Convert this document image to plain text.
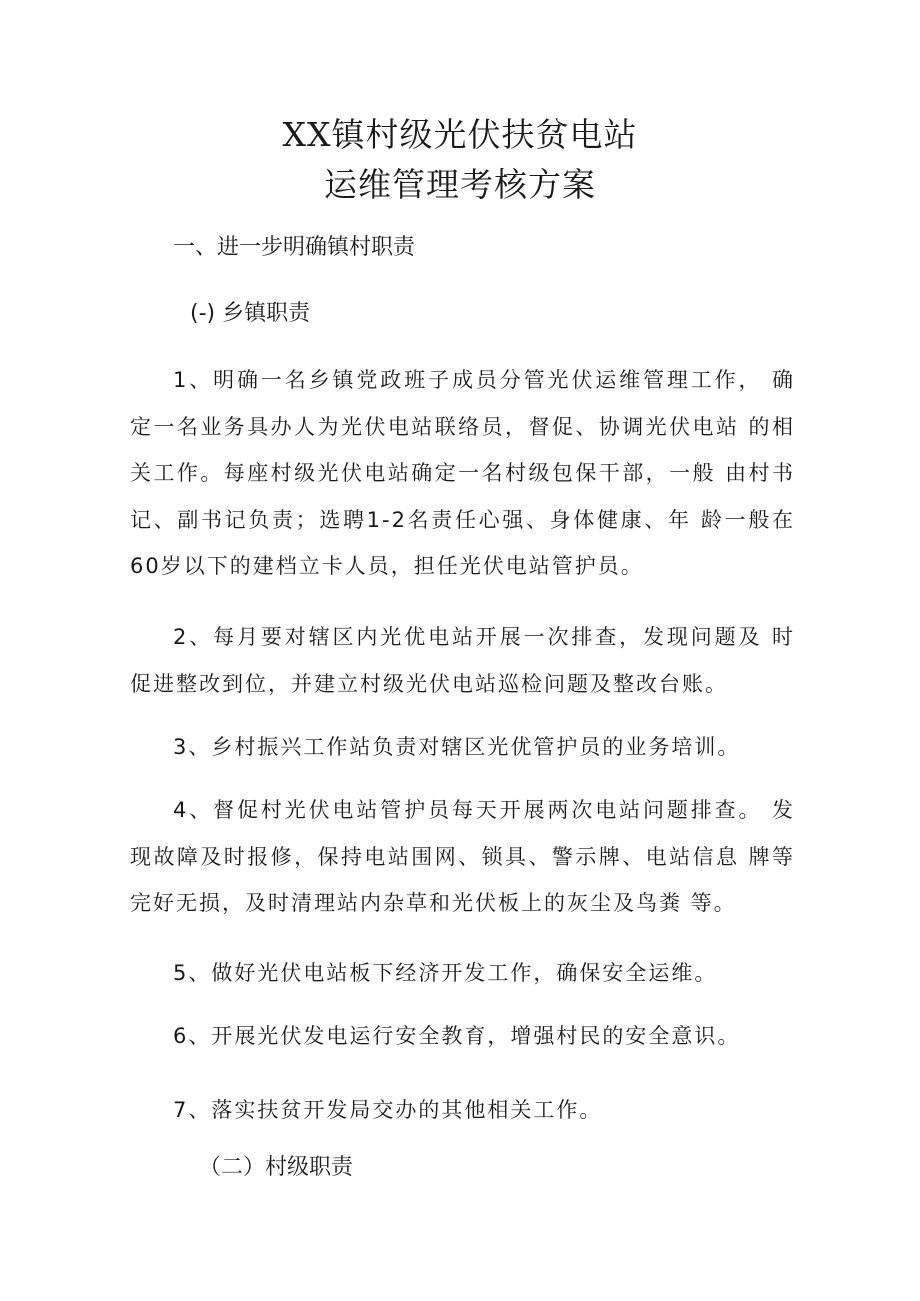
XX镇村级光伏扶贫电站
运维管理考核方案
一、进一步明确镇村职责
(-) 乡镇职责
1、明确一名乡镇党政班子成员分管光伏运维管理工作， 确定一名业务具办人为光伏电站联络员，督促、协调光伏电站 的相关工作。每座村级光伏电站确定一名村级包保干部，一般 由村书记、副书记负责；选聘1-2名责任心强、身体健康、年 龄一般在60岁以下的建档立卡人员，担任光伏电站管护员。
2、每月要对辖区内光优电站开展一次排查，发现问题及 时促进整改到位，并建立村级光伏电站巡检问题及整改台账。
3、乡村振兴工作站负责对辖区光优管护员的业务培训。
4、督促村光伏电站管护员每天开展两次电站问题排查。 发现故障及时报修，保持电站围网、锁具、警示牌、电站信息 牌等完好无损，及时清理站内杂草和光伏板上的灰尘及鸟粪 等。
5、做好光伏电站板下经济开发工作，确保安全运维。
6、开展光伏发电运行安全教育，增强村民的安全意识。
7、落实扶贫开发局交办的其他相关工作。
（二）村级职责
